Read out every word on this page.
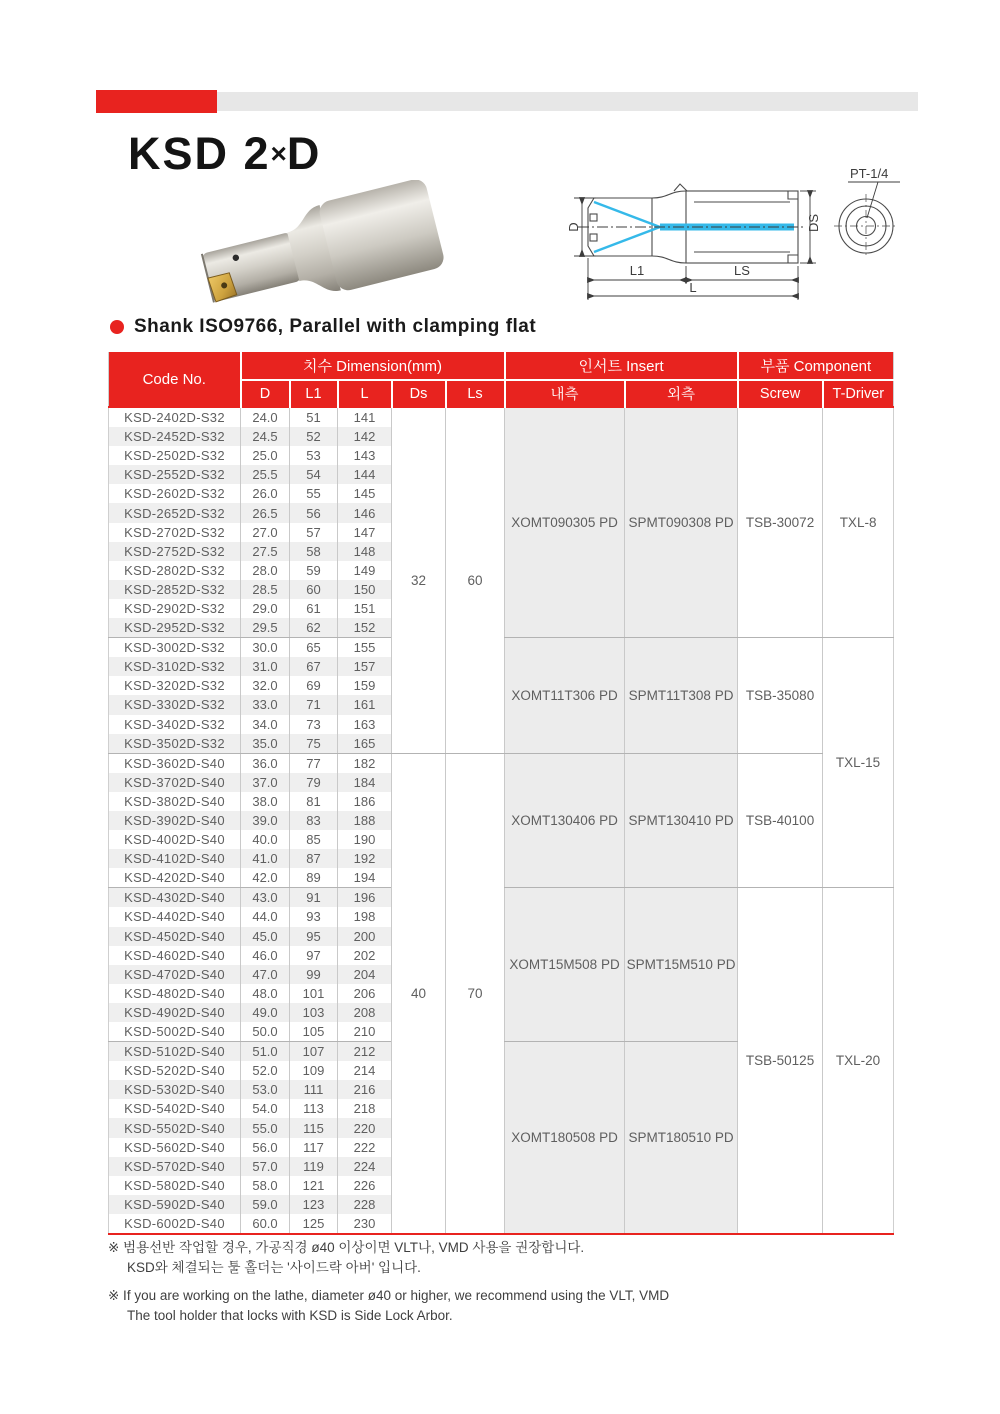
KSD 2×D
D
L1	LS
L
DS
PT-1/4
Shank ISO9766, Parallel with clamping flat
Code No.	치수 Dimension(mm)					인서트 Insert		부품 Component	
	D	L1	L	Ds	Ls	내측	외측	Screw	T-Driver
KSD-2402D-S32	24.0	51	141	32	60	XOMT090305 PD	SPMT090308 PD	TSB-30072	TXL-8
KSD-2452D-S32	24.5	52	142						
KSD-2502D-S32	25.0	53	143						
KSD-2552D-S32	25.5	54	144						
KSD-2602D-S32	26.0	55	145						
KSD-2652D-S32	26.5	56	146						
KSD-2702D-S32	27.0	57	147						
KSD-2752D-S32	27.5	58	148						
KSD-2802D-S32	28.0	59	149						
KSD-2852D-S32	28.5	60	150						
KSD-2902D-S32	29.0	61	151						
KSD-2952D-S32	29.5	62	152						
KSD-3002D-S32	30.0	65	155			XOMT11T306 PD	SPMT11T308 PD	TSB-35080	TXL-15
KSD-3102D-S32	31.0	67	157						
KSD-3202D-S32	32.0	69	159						
KSD-3302D-S32	33.0	71	161						
KSD-3402D-S32	34.0	73	163						
KSD-3502D-S32	35.0	75	165						
KSD-3602D-S40	36.0	77	182	40	70	XOMT130406 PD	SPMT130410 PD	TSB-40100	
KSD-3702D-S40	37.0	79	184						
KSD-3802D-S40	38.0	81	186						
KSD-3902D-S40	39.0	83	188						
KSD-4002D-S40	40.0	85	190						
KSD-4102D-S40	41.0	87	192						
KSD-4202D-S40	42.0	89	194						
KSD-4302D-S40	43.0	91	196			XOMT15M508 PD	SPMT15M510 PD	TSB-50125	TXL-20
KSD-4402D-S40	44.0	93	198						
KSD-4502D-S40	45.0	95	200						
KSD-4602D-S40	46.0	97	202						
KSD-4702D-S40	47.0	99	204						
KSD-4802D-S40	48.0	101	206						
KSD-4902D-S40	49.0	103	208						
KSD-5002D-S40	50.0	105	210						
KSD-5102D-S40	51.0	107	212			XOMT180508 PD	SPMT180510 PD		
KSD-5202D-S40	52.0	109	214						
KSD-5302D-S40	53.0	111	216						
KSD-5402D-S40	54.0	113	218						
KSD-5502D-S40	55.0	115	220						
KSD-5602D-S40	56.0	117	222						
KSD-5702D-S40	57.0	119	224						
KSD-5802D-S40	58.0	121	226						
KSD-5902D-S40	59.0	123	228						
KSD-6002D-S40	60.0	125	230						
※ 범용선반 작업할 경우, 가공직경 ø40 이상이면 VLT나, VMD 사용을 권장합니다.
KSD와 체결되는 툴 홀더는 '사이드락 아버' 입니다.
※ If you are working on the lathe, diameter ø40 or higher, we recommend using the VLT, VMD
The tool holder that locks with KSD is Side Lock Arbor.
